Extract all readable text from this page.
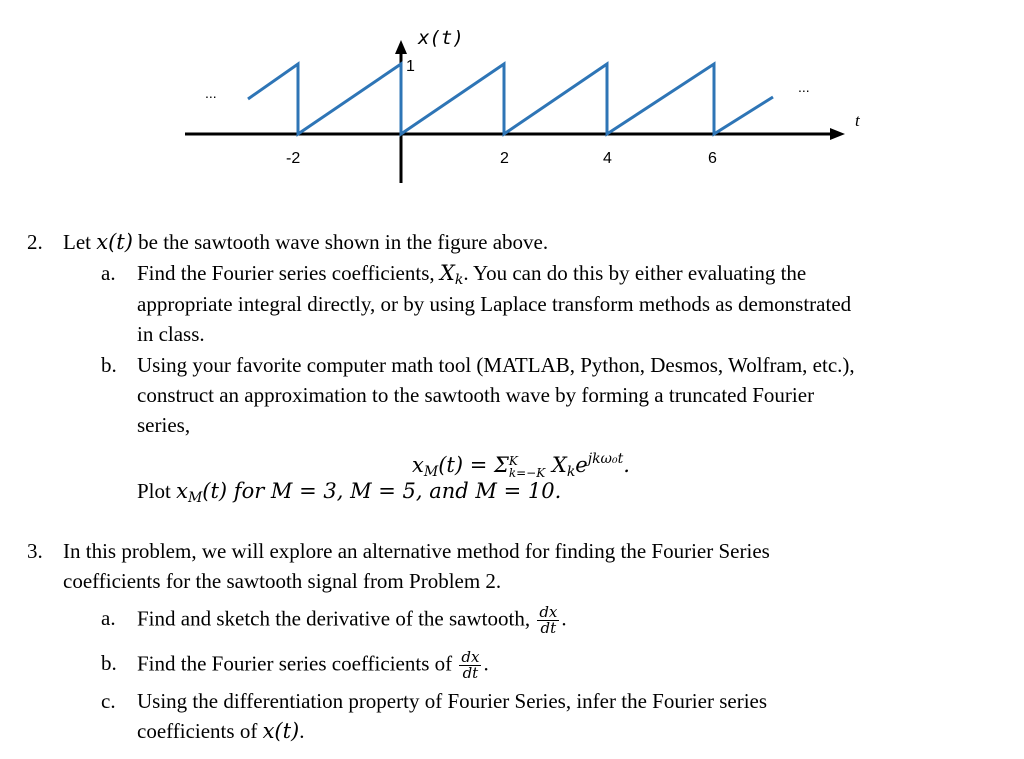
x(t)
1
...	...
t
-2	2	4	6
2. Let x(t) be the sawtooth wave shown in the figure above.
a. Find the Fourier series coefficients, $X_k$. You can do this by either evaluating the
appropriate integral directly, or by using Laplace transform methods as demonstrated
in class.
b. Using your favorite computer math tool (MATLAB, Python, Desmos, Wolfram, etc.),
construct an approximation to the sawtooth wave by forming a truncated Fourier
series,
$x_M(t) = \Sigma$ K
k=−K $X_ke^{jk\omega_0t}$.
Plot $x_M(t)$ for M = 3, M = 5, and M = 10.
3. In this problem, we will explore an alternative method for finding the Fourier Series
coefficients for the sawtooth signal from Problem 2.
a. Find and sketch the derivative of the sawtooth, $\frac{dx}{dt}$ .
b. Find the Fourier series coefficients of $\frac{dx}{dt}$ .
c. Using the differentiation property of Fourier Series, infer the Fourier series
coefficients of x(t).
